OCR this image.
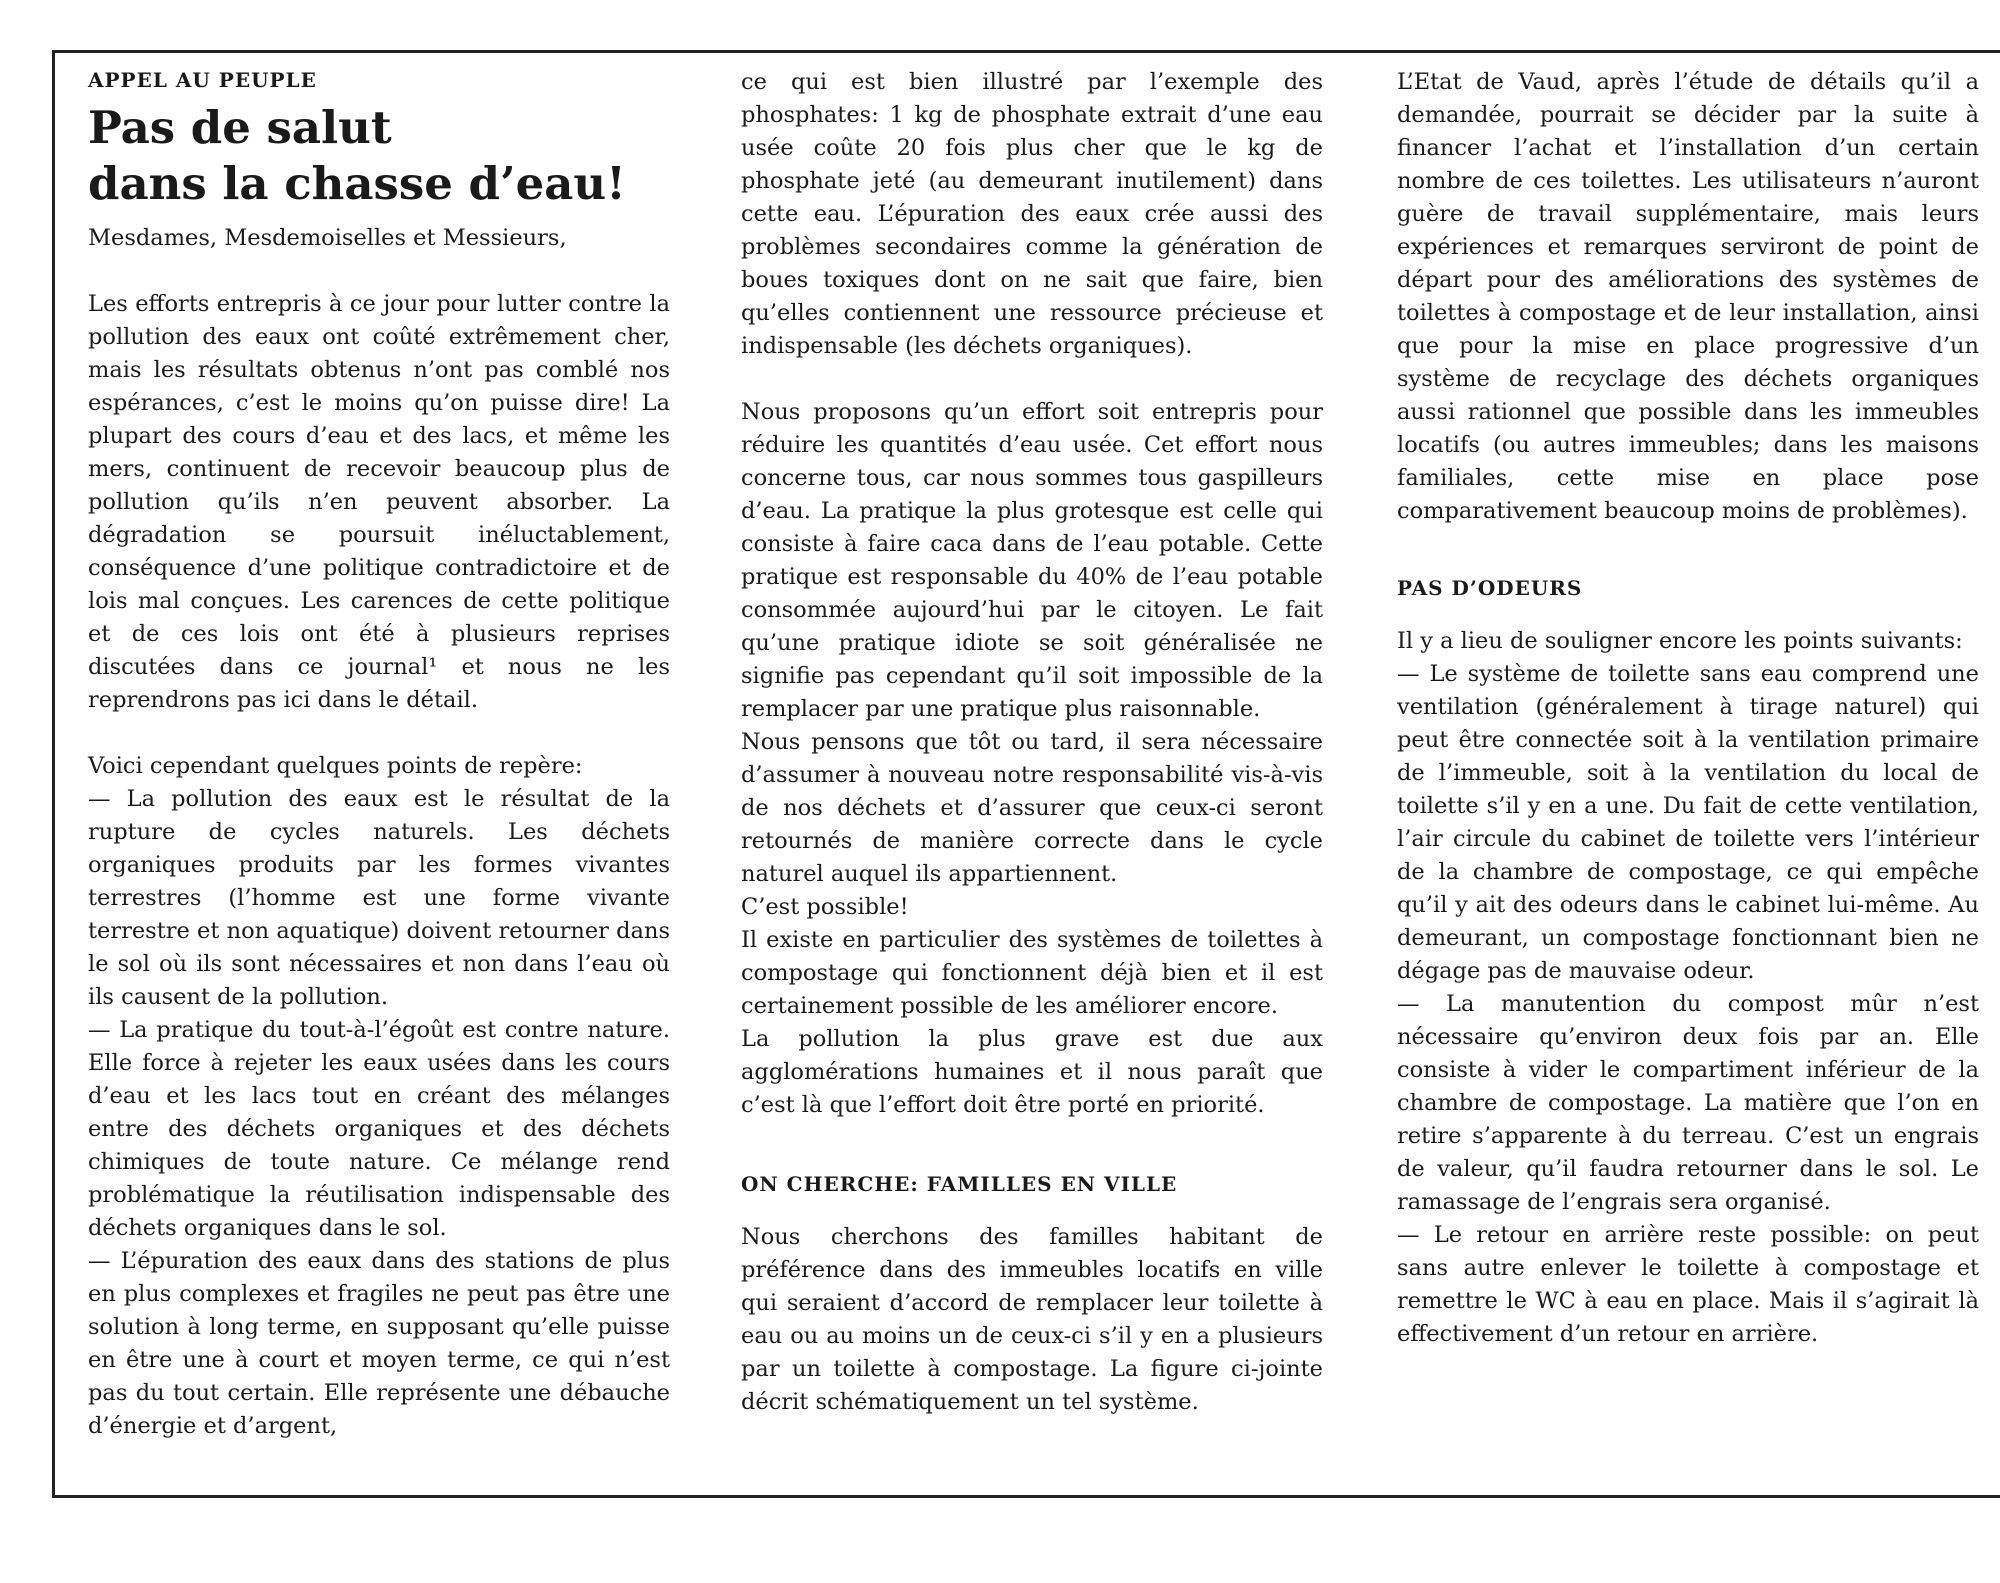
APPEL AU PEUPLE
Pas de salut
dans la chasse d’eau!

Mesdames, Mesdemoiselles et Messieurs,

Les efforts entrepris à ce jour pour lutter contre la pollution des eaux ont coûté extrêmement cher, mais les résultats obtenus n’ont pas comblé nos espérances, c’est le moins qu’on puisse dire! La plupart des cours d’eau et des lacs, et même les mers, continuent de recevoir beaucoup plus de pollution qu’ils n’en peuvent absorber. La dégradation se poursuit inéluctablement, conséquence d’une politique contradictoire et de lois mal conçues. Les carences de cette politique et de ces lois ont été à plusieurs reprises discutées dans ce journal¹ et nous ne les reprendrons pas ici dans le détail.

Voici cependant quelques points de repère:

— La pollution des eaux est le résultat de la rupture de cycles naturels. Les déchets organiques produits par les formes vivantes terrestres (l’homme est une forme vivante terrestre et non aquatique) doivent retourner dans le sol où ils sont nécessaires et non dans l’eau où ils causent de la pollution.

— La pratique du tout-à-l’égoût est contre nature. Elle force à rejeter les eaux usées dans les cours d’eau et les lacs tout en créant des mélanges entre des déchets organiques et des déchets chimiques de toute nature. Ce mélange rend problématique la réutilisation indispensable des déchets organiques dans le sol.

— L’épuration des eaux dans des stations de plus en plus complexes et fragiles ne peut pas être une solution à long terme, en supposant qu’elle puisse en être une à court et moyen terme, ce qui n’est pas du tout certain. Elle représente une débauche d’énergie et d’argent,

ce qui est bien illustré par l’exemple des phosphates: 1 kg de phosphate extrait d’une eau usée coûte 20 fois plus cher que le kg de phosphate jeté (au demeurant inutilement) dans cette eau. L’épuration des eaux crée aussi des problèmes secondaires comme la génération de boues toxiques dont on ne sait que faire, bien qu’elles contiennent une ressource précieuse et indispensable (les déchets organiques).

Nous proposons qu’un effort soit entrepris pour réduire les quantités d’eau usée. Cet effort nous concerne tous, car nous sommes tous gaspilleurs d’eau. La pratique la plus grotesque est celle qui consiste à faire caca dans de l’eau potable. Cette pratique est responsable du 40% de l’eau potable consommée aujourd’hui par le citoyen. Le fait qu’une pratique idiote se soit généralisée ne signifie pas cependant qu’il soit impossible de la remplacer par une pratique plus raisonnable.

Nous pensons que tôt ou tard, il sera nécessaire d’assumer à nouveau notre responsabilité vis-à-vis de nos déchets et d’assurer que ceux-ci seront retournés de manière correcte dans le cycle naturel auquel ils appartiennent.

C’est possible!

Il existe en particulier des systèmes de toilettes à compostage qui fonctionnent déjà bien et il est certainement possible de les améliorer encore.

La pollution la plus grave est due aux agglomérations humaines et il nous paraît que c’est là que l’effort doit être porté en priorité.

ON CHERCHE: FAMILLES EN VILLE

Nous cherchons des familles habitant de préférence dans des immeubles locatifs en ville qui seraient d’accord de remplacer leur toilette à eau ou au moins un de ceux-ci s’il y en a plusieurs par un toilette à compostage. La figure ci-jointe décrit schématiquement un tel système.

L’Etat de Vaud, après l’étude de détails qu’il a demandée, pourrait se décider par la suite à financer l’achat et l’installation d’un certain nombre de ces toilettes. Les utilisateurs n’auront guère de travail supplémentaire, mais leurs expériences et remarques serviront de point de départ pour des améliorations des systèmes de toilettes à compostage et de leur installation, ainsi que pour la mise en place progressive d’un système de recyclage des déchets organiques aussi rationnel que possible dans les immeubles locatifs (ou autres immeubles; dans les maisons familiales, cette mise en place pose comparativement beaucoup moins de problèmes).

PAS D’ODEURS

Il y a lieu de souligner encore les points suivants:

— Le système de toilette sans eau comprend une ventilation (généralement à tirage naturel) qui peut être connectée soit à la ventilation primaire de l’immeuble, soit à la ventilation du local de toilette s’il y en a une. Du fait de cette ventilation, l’air circule du cabinet de toilette vers l’intérieur de la chambre de compostage, ce qui empêche qu’il y ait des odeurs dans le cabinet lui-même. Au demeurant, un compostage fonctionnant bien ne dégage pas de mauvaise odeur.

— La manutention du compost mûr n’est nécessaire qu’environ deux fois par an. Elle consiste à vider le compartiment inférieur de la chambre de compostage. La matière que l’on en retire s’apparente à du terreau. C’est un engrais de valeur, qu’il faudra retourner dans le sol. Le ramassage de l’engrais sera organisé.

— Le retour en arrière reste possible: on peut sans autre enlever le toilette à compostage et remettre le WC à eau en place. Mais il s’agirait là effectivement d’un retour en arrière.
